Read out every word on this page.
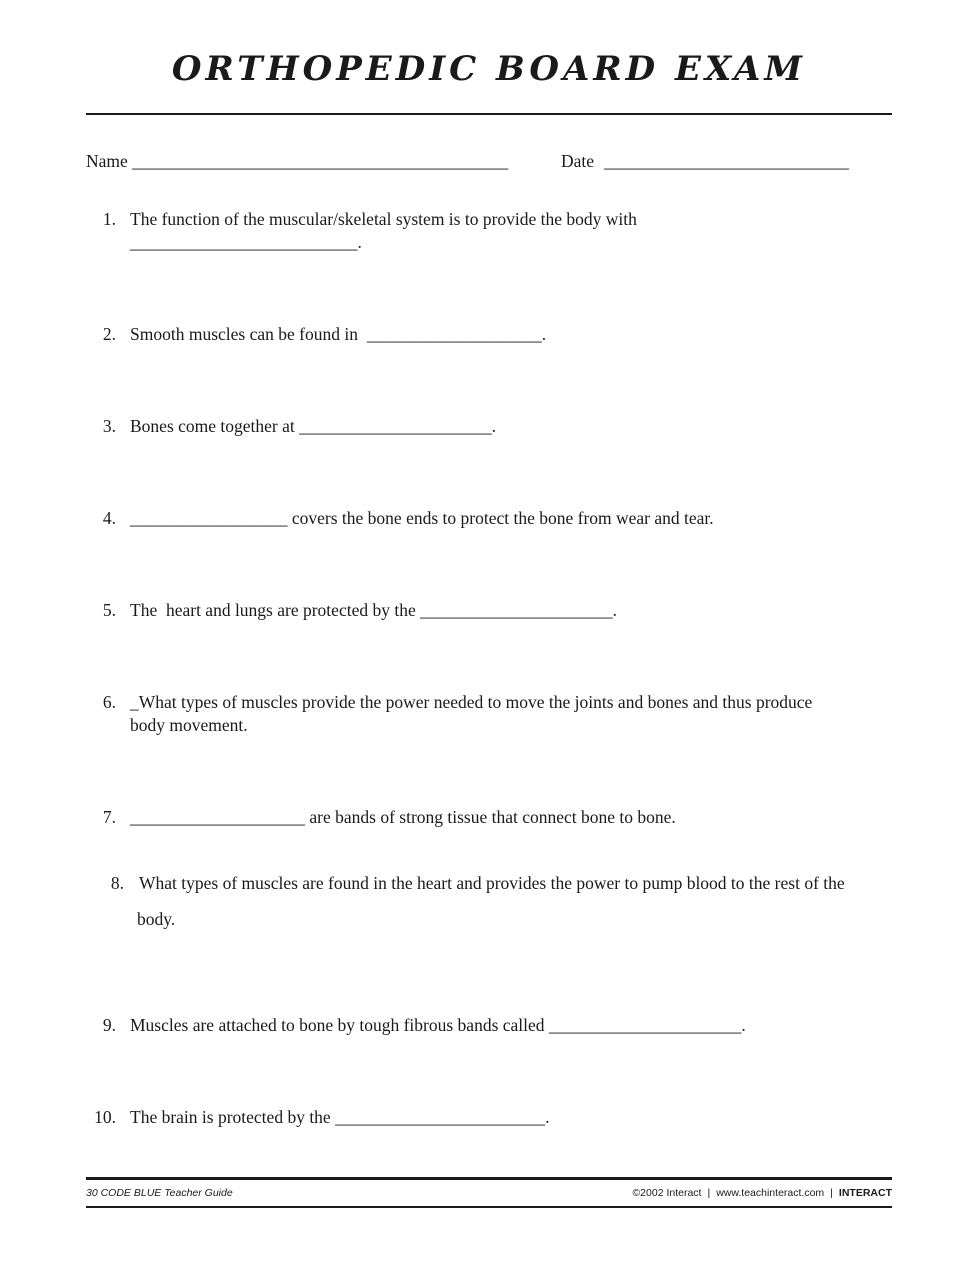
ORTHOPEDIC BOARD EXAM
Name ___________________________________________	Date ____________________________
1. The function of the muscular/skeletal system is to provide the body with
__________________________.
2. Smooth muscles can be found in  ____________________.
3. Bones come together at ______________________.
4. __________________ covers the bone ends to protect the bone from wear and tear.
5. The  heart and lungs are protected by the ______________________.
6. _What types of muscles provide the power needed to move the joints and bones and thus produce
body movement.
7. ____________________ are bands of strong tissue that connect bone to bone.
8. What types of muscles are found in the heart and provides the power to pump blood to the rest of the
body.
9. Muscles are attached to bone by tough fibrous bands called ______________________.
10. The brain is protected by the ________________________.
30 CODE BLUE Teacher Guide	©2002 Interact | www.teachinteract.com | INTERACT
